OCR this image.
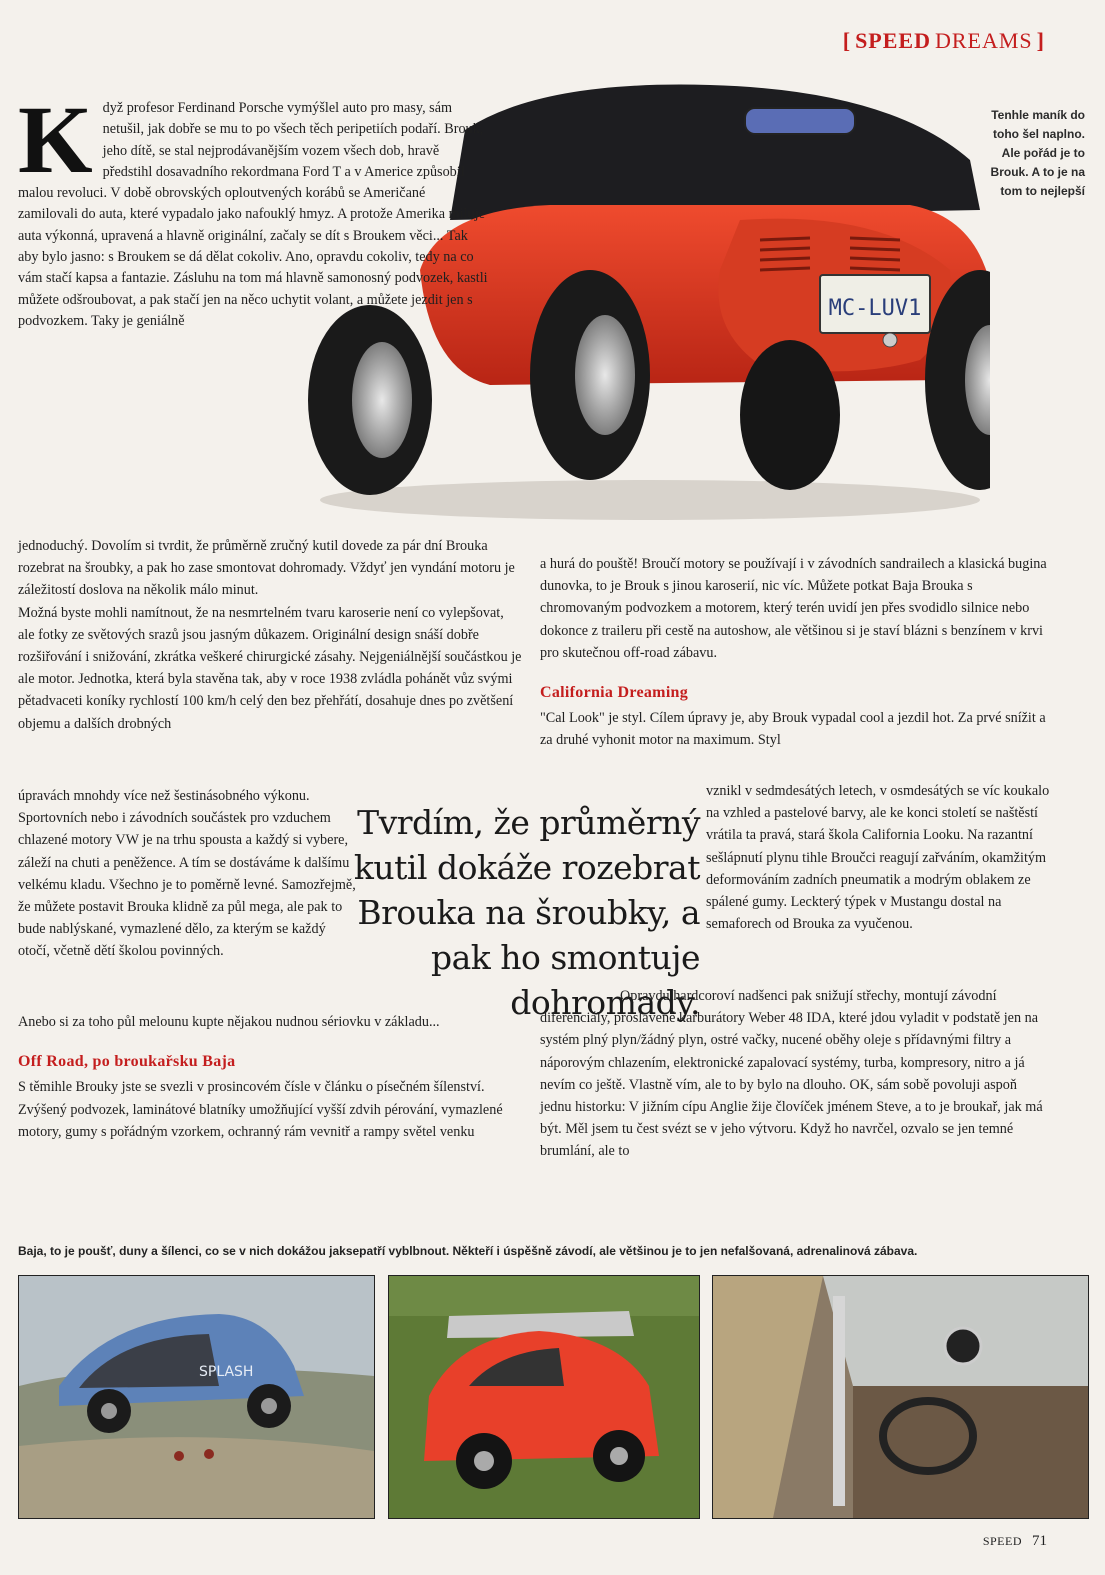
[ SPEED DREAMS ]
MC-LUV1
Tenhle maník do toho šel naplno. Ale pořád je to Brouk. A to je na tom to nejlepší
K dyž profesor Ferdinand Porsche vymýšlel auto pro masy, sám netušil, jak dobře se mu to po všech těch peripetiích podaří. Brouk, jeho dítě, se stal nejprodávanějším vozem všech dob, hravě předstihl dosavadního rekordmana Ford T a v Americe způsobil malou revoluci. V době obrovských oploutvených korábů se Američané zamilovali do auta, které vypadalo jako nafouklý hmyz. A protože Amerika miluje auta výkonná, upravená a hlavně originální, začaly se dít s Broukem věci... Tak aby bylo jasno: s Broukem se dá dělat cokoliv. Ano, opravdu cokoliv, tedy na co vám stačí kapsa a fantazie. Zásluhu na tom má hlavně samonosný podvozek, kastli můžete odšroubovat, a pak stačí jen na něco uchytit volant, a můžete jezdit jen s podvozkem. Taky je geniálně

jednoduchý. Dovolím si tvrdit, že průměrně zručný kutil dovede za pár dní Brouka rozebrat na šroubky, a pak ho zase smontovat dohromady. Vždyť jen vyndání motoru je záležitostí doslova na několik málo minut.

Možná byste mohli namítnout, že na nesmrtelném tvaru karoserie není co vylepšovat, ale fotky ze světových srazů jsou jasným důkazem. Originální design snáší dobře rozšiřování i snižování, zkrátka veškeré chirurgické zásahy. Nejgeniálnější součástkou je ale motor. Jednotka, která byla stavěna tak, aby v roce 1938 zvládla pohánět vůz svými pětadvaceti koníky rychlostí 100 km/h celý den bez přehřátí, dosahuje dnes po zvětšení objemu a dalších drobných

a hurá do pouště! Broučí motory se používají i v závodních sandrailech a klasická bugina dunovka, to je Brouk s jinou karoserií, nic víc. Můžete potkat Baja Brouka s chromovaným podvozkem a motorem, který terén uvidí jen přes svodidlo silnice nebo dokonce z traileru při cestě na autoshow, ale většinou si je staví blázni s benzínem v krvi pro skutečnou off-road zábavu.

California Dreaming

"Cal Look" je styl. Cílem úpravy je, aby Brouk vypadal cool a jezdil hot. Za prvé snížit a za druhé vyhonit motor na maximum. Styl

úpravách mnohdy více než šestinásobného výkonu. Sportovních nebo i závodních součástek pro vzduchem chlazené motory VW je na trhu spousta a každý si vybere, záleží na chuti a peněžence. A tím se dostáváme k dalšímu velkému kladu. Všechno je to poměrně levné. Samozřejmě, že můžete postavit Brouka klidně za půl mega, ale pak to bude nablýskané, vymazlené dělo, za kterým se každý otočí, včetně dětí školou povinných.

Tvrdím, že průměrný kutil dokáže rozebrat Brouka na šroubky, a pak ho smontuje dohromady.

vznikl v sedmdesátých letech, v osmdesátých se víc koukalo na vzhled a pastelové barvy, ale ke konci století se naštěstí vrátila ta pravá, stará škola California Looku. Na razantní sešlápnutí plynu tihle Broučci reagují zařváním, okamžitým deformováním zadních pneumatik a modrým oblakem ze spálené gumy. Leckterý týpek v Mustangu dostal na semaforech od Brouka za vyučenou.

Anebo si za toho půl melounu kupte nějakou nudnou sériovku v základu...

Off Road, po broukařsku Baja

S těmihle Brouky jste se svezli v prosincovém čísle v článku o písečném šílenství. Zvýšený podvozek, laminátové blatníky umožňující vyšší zdvih pérování, vymazlené motory, gumy s pořádným vzorkem, ochranný rám vevnitř a rampy světel venku

Opravdu hardcoroví nadšenci pak snižují střechy, montují závodní diferenciály, proslavené karburátory Weber 48 IDA, které jdou vyladit v podstatě jen na systém plný plyn/žádný plyn, ostré vačky, nucené oběhy oleje s přídavnými filtry a náporovým chlazením, elektronické zapalovací systémy, turba, kompresory, nitro a já nevím co ještě. Vlastně vím, ale to by bylo na dlouho. OK, sám sobě povoluji aspoň jednu historku: V jižním cípu Anglie žije človíček jménem Steve, a to je broukař, jak má být. Měl jsem tu čest svézt se v jeho výtvoru. Když ho navrčel, ozvalo se jen temné brumlání, ale to

Baja, to je poušť, duny a šílenci, co se v nich dokážou jaksepatří vyblbnout. Někteří i úspěšně závodí, ale většinou je to jen nefalšovaná, adrenalinová zábava.
SPLASH
SPEED 71
